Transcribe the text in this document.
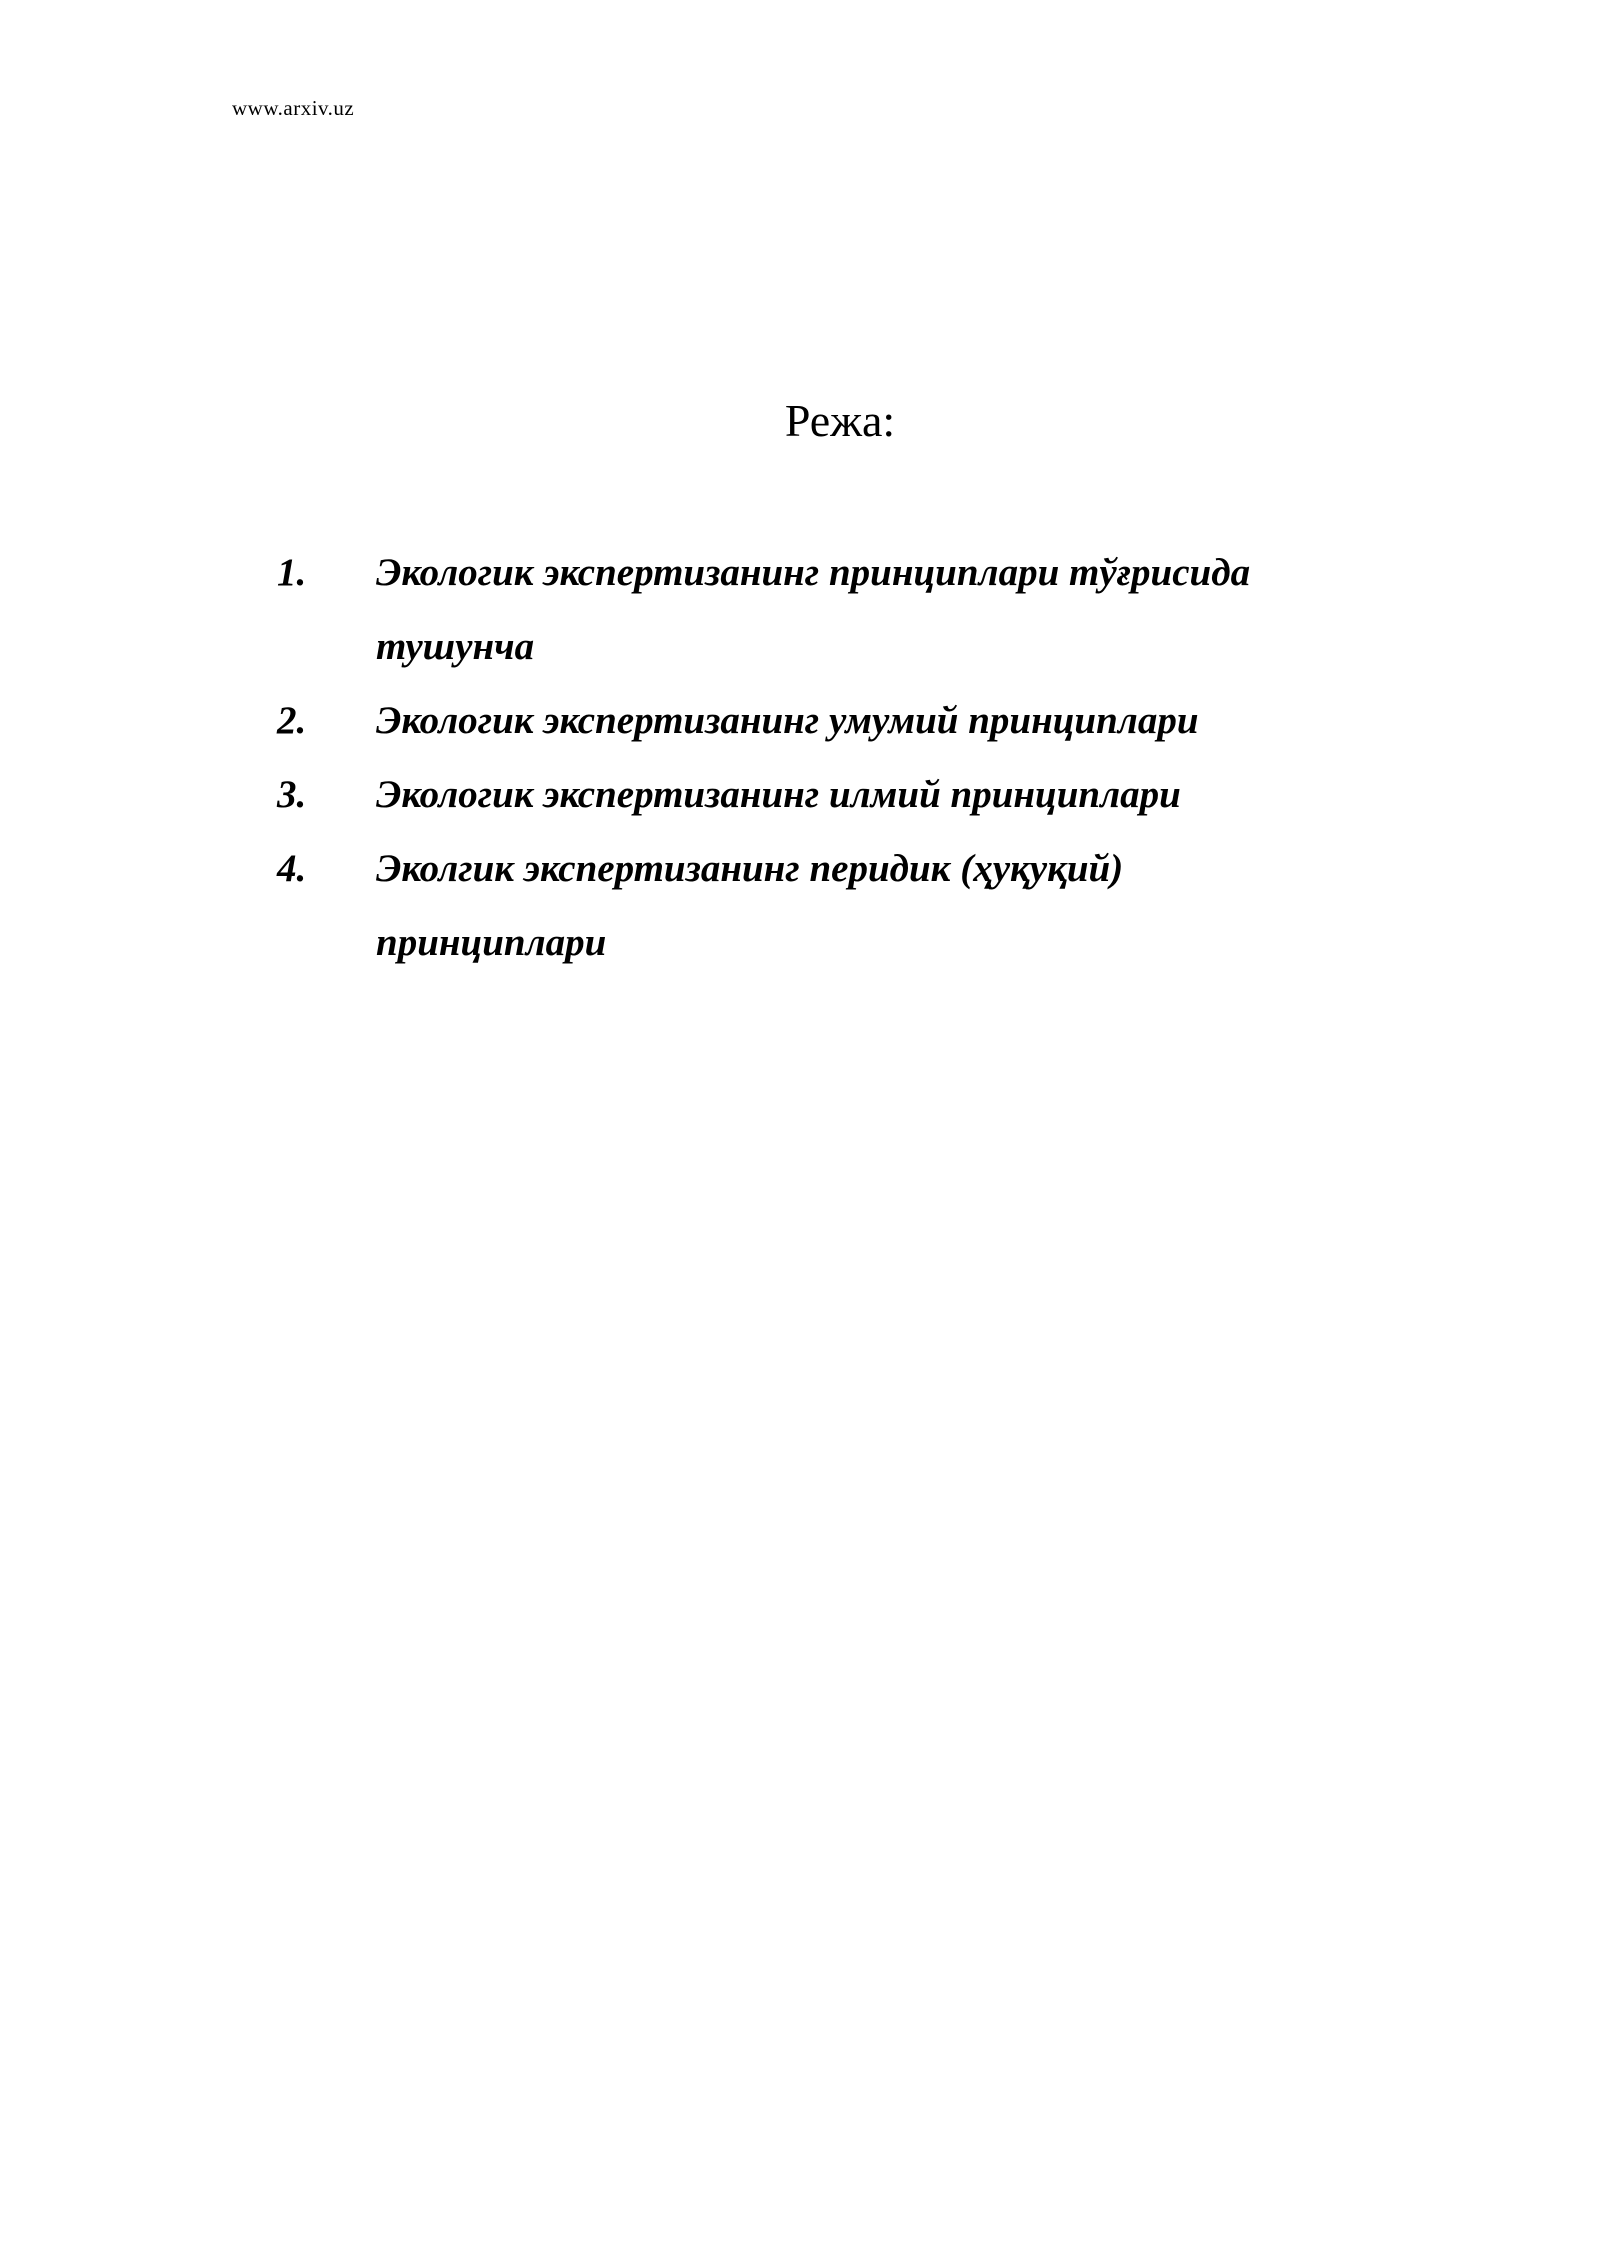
www.arxiv.uz
Режа:
1.	Экологик экспертизанинг принциплари тўғрисида
тушунча
2.	Экологик экспертизанинг умумий принциплари
3.	Экологик экспертизанинг илмий принциплари
4.	Эколгик экспертизанинг перидик (ҳуқуқий)
принциплари
